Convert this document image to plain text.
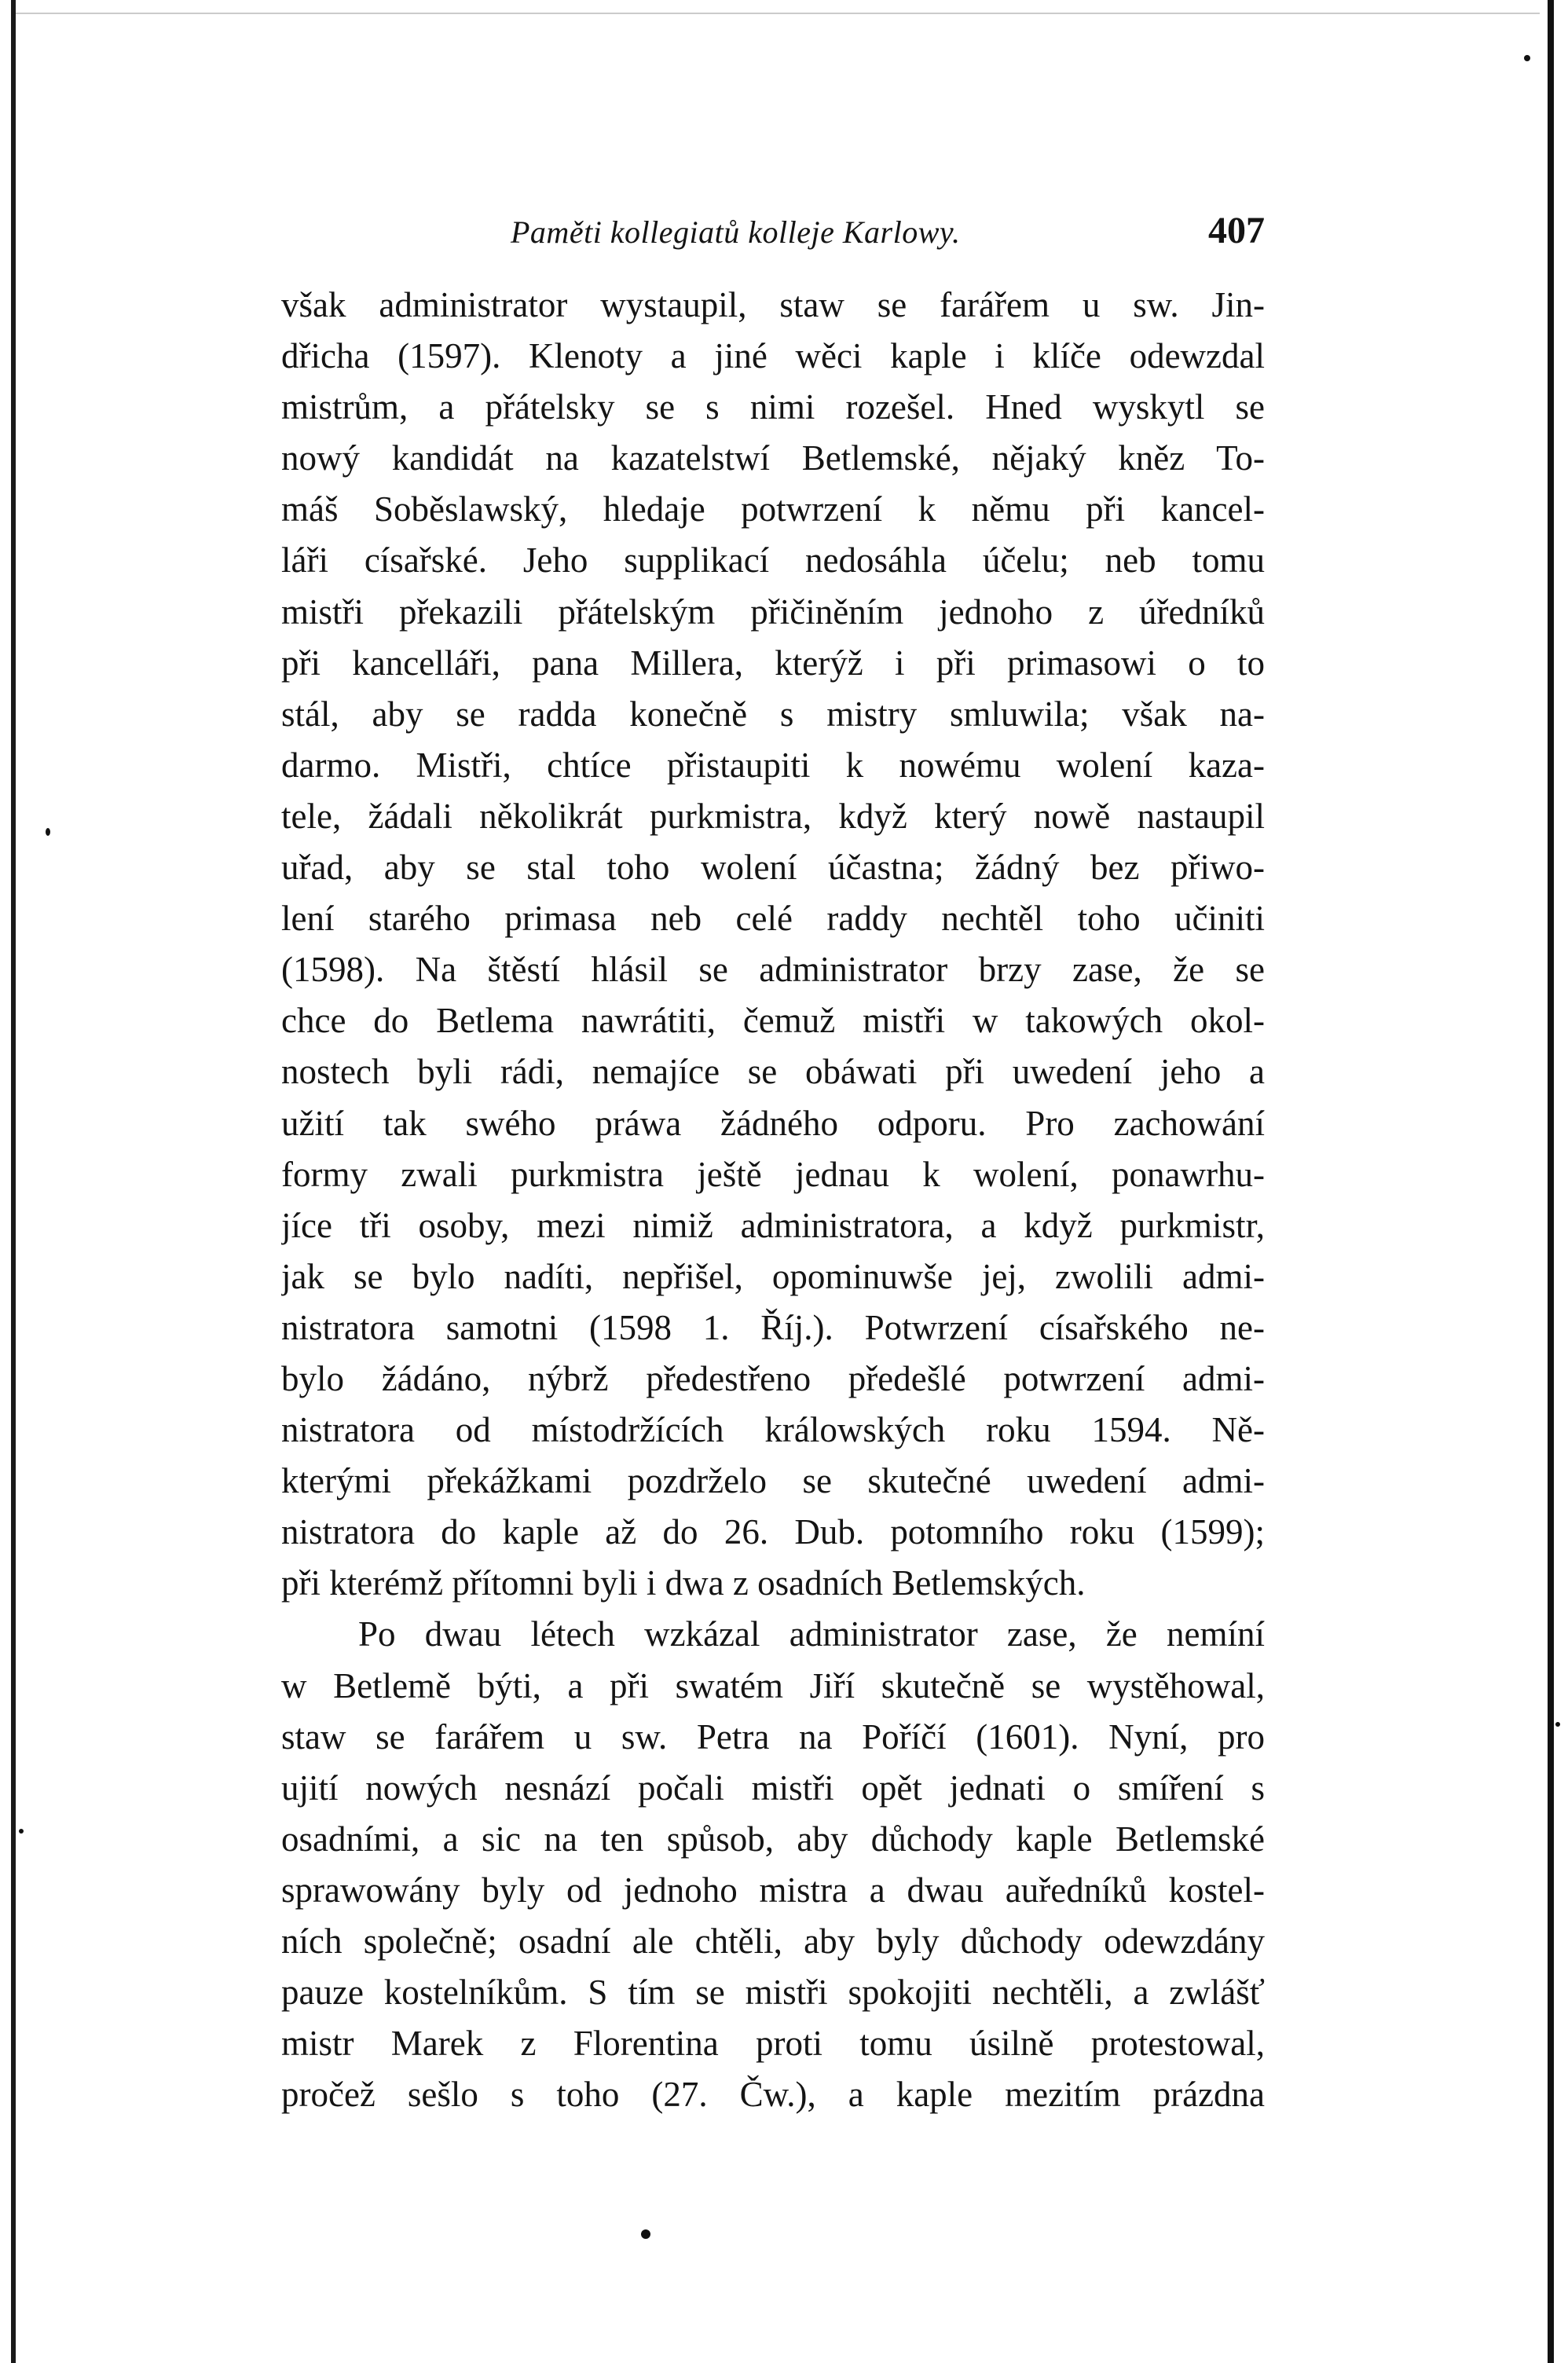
Paměti kollegiatů kolleje Karlowy.	407
však administrator wystaupil, staw se farářem u sw. Jin-
dřicha (1597). Klenoty a jiné wěci kaple i klíče odewzdal
mistrům, a přátelsky se s nimi rozešel. Hned wyskytl se
nowý kandidát na kazatelstwí Betlemské, nějaký kněz To-
máš Soběslawský, hledaje potwrzení k němu při kancel-
láři císařské. Jeho supplikací nedosáhla účelu; neb tomu
mistři překazili přátelským přičiněním jednoho z úředníků
při kancelláři, pana Millera, kterýž i při primasowi o to
stál, aby se radda konečně s mistry smluwila; však na-
darmo. Mistři, chtíce přistaupiti k nowému wolení kaza-
tele, žádali několikrát purkmistra, když který nowě nastaupil
uřad, aby se stal toho wolení účastna; žádný bez přiwo-
lení starého primasa neb celé raddy nechtěl toho učiniti
(1598). Na štěstí hlásil se administrator brzy zase, že se
chce do Betlema nawrátiti, čemuž mistři w takowých okol-
nostech byli rádi, nemajíce se obáwati při uwedení jeho a
užití tak swého práwa žádného odporu. Pro zachowání
formy zwali purkmistra ještě jednau k wolení, ponawrhu-
jíce tři osoby, mezi nimiž administratora, a když purkmistr,
jak se bylo nadíti, nepřišel, opominuwše jej, zwolili admi-
nistratora samotni (1598 1. Říj.). Potwrzení císařského ne-
bylo žádáno, nýbrž předestřeno předešlé potwrzení admi-
nistratora od místodržících králowských roku 1594. Ně-
kterými překážkami pozdrželo se skutečné uwedení admi-
nistratora do kaple až do 26. Dub. potomního roku (1599);
při kterémž přítomni byli i dwa z osadních Betlemských.
Po dwau létech wzkázal administrator zase, že nemíní
w Betlemě býti, a při swatém Jiří skutečně se wystěhowal,
staw se farářem u sw. Petra na Poříčí (1601). Nyní, pro
ujití nowých nesnází počali mistři opět jednati o smíření s
osadními, a sic na ten spůsob, aby důchody kaple Betlemské
sprawowány byly od jednoho mistra a dwau auředníků kostel-
ních společně; osadní ale chtěli, aby byly důchody odewzdány
pauze kostelníkům. S tím se mistři spokojiti nechtěli, a zwlášť
mistr Marek z Florentina proti tomu úsilně protestowal,
pročež sešlo s toho (27. Čw.), a kaple mezitím prázdna
